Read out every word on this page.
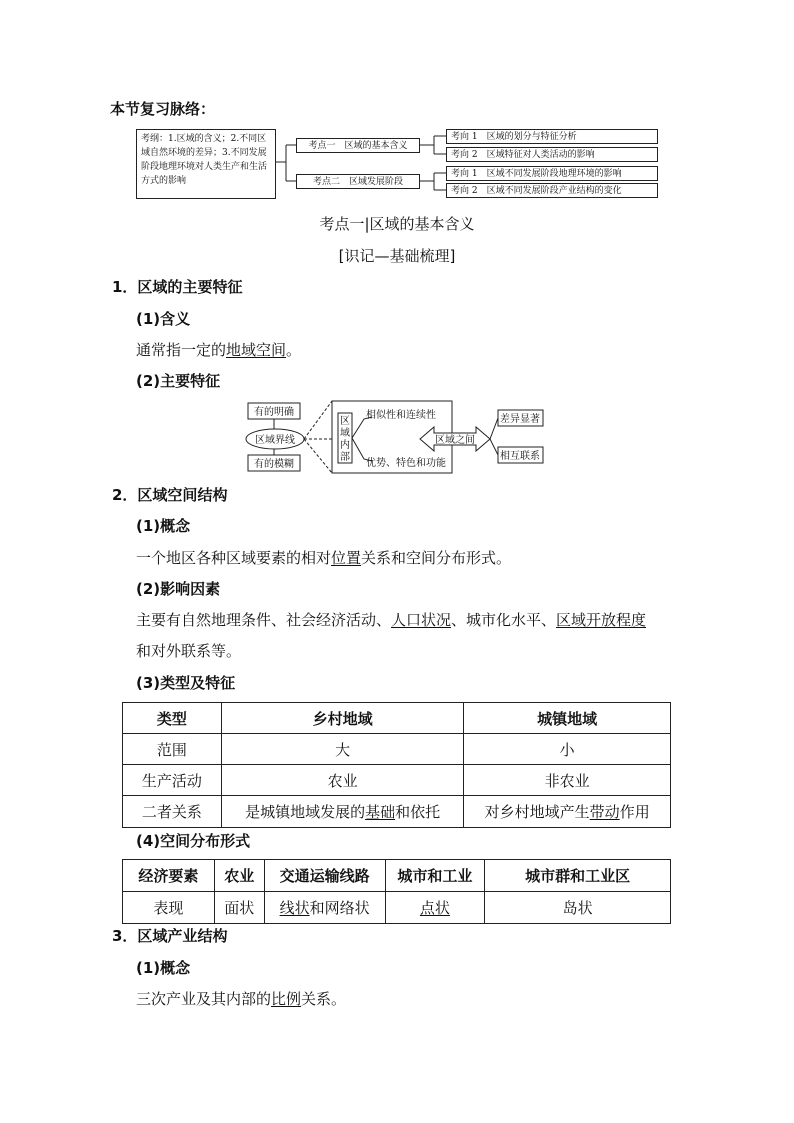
本节复习脉络：
考纲：1.区域的含义；2.不同区域自然环境的差异；3.不同发展阶段地理环境对人类生产和生活方式的影响
考点一　区域的基本含义
考点二　区域发展阶段
考向 1　区域的划分与特征分析
考向 2　区域特征对人类活动的影响
考向 1　区域不同发展阶段地理环境的影响
考向 2　区域不同发展阶段产业结构的变化
考点一|区域的基本含义
[识记—基础梳理]
1．区域的主要特征
(1)含义
通常指一定的地域空间。
(2)主要特征
有的明确
区域界线
有的模糊
区
域
内
部
相似性和连续性
优势、特色和功能
区域之间
差异显著
相互联系
2．区域空间结构
(1)概念
一个地区各种区域要素的相对位置关系和空间分布形式。
(2)影响因素
主要有自然地理条件、社会经济活动、人口状况、城市化水平、区域开放程度
和对外联系等。
(3)类型及特征
类型	乡村地域	城镇地域
范围	大	小
生产活动	农业	非农业
二者关系	是城镇地域发展的基础和依托	对乡村地域产生带动作用
(4)空间分布形式
经济要素	农业	交通运输线路	城市和工业	城市群和工业区
表现	面状	线状和网络状	点状	岛状
3．区域产业结构
(1)概念
三次产业及其内部的比例关系。
